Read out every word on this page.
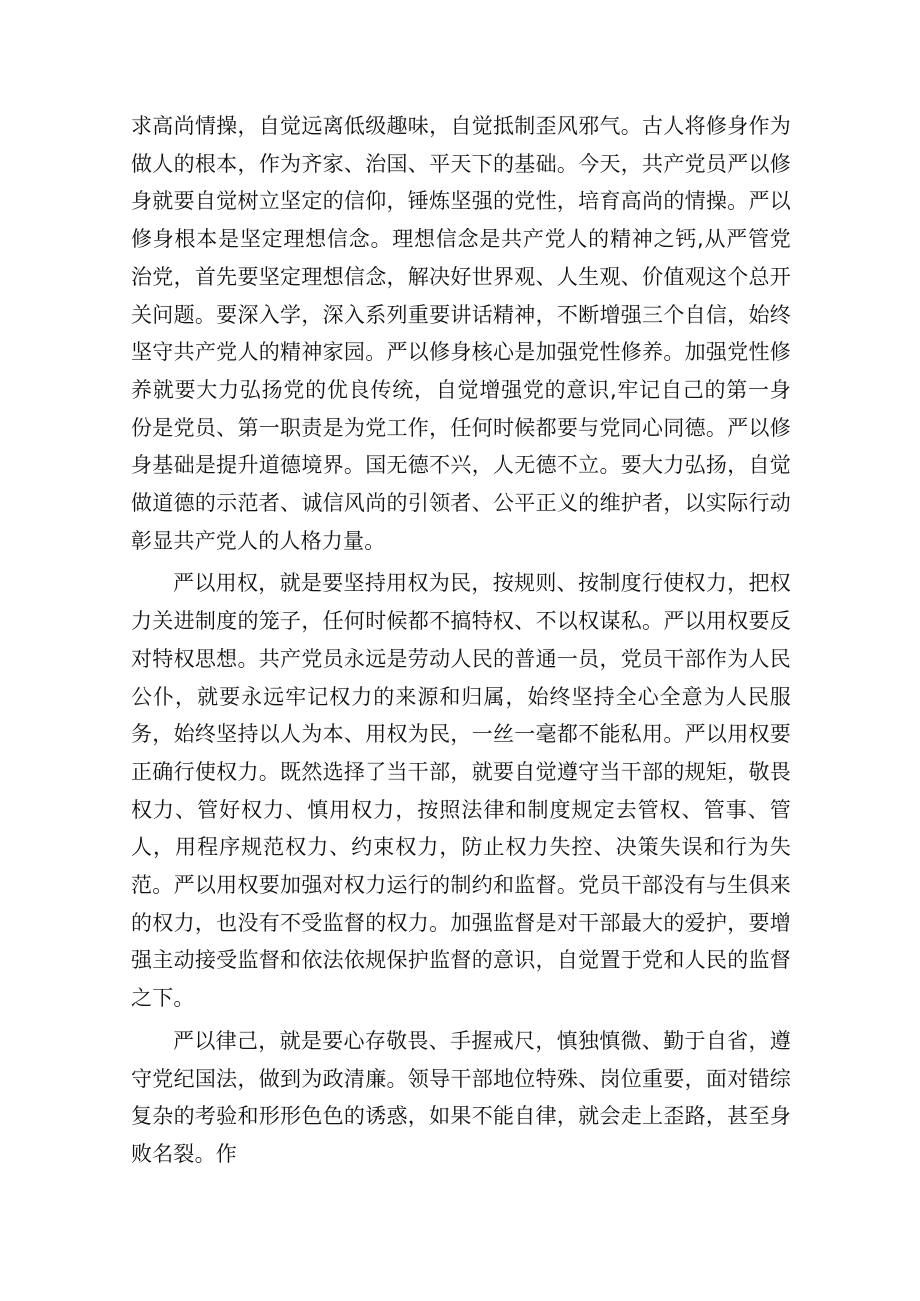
求高尚情操，自觉远离低级趣味，自觉抵制歪风邪气。古人将修身作为做人的根本，作为齐家、治国、平天下的基础。今天，共产党员严以修身就要自觉树立坚定的信仰，锤炼坚强的党性，培育高尚的情操。严以修身根本是坚定理想信念。理想信念是共产党人的精神之钙,从严管党治党，首先要坚定理想信念，解决好世界观、人生观、价值观这个总开关问题。要深入学，深入系列重要讲话精神，不断增强三个自信，始终坚守共产党人的精神家园。严以修身核心是加强党性修养。加强党性修养就要大力弘扬党的优良传统，自觉增强党的意识,牢记自己的第一身份是党员、第一职责是为党工作，任何时候都要与党同心同德。严以修身基础是提升道德境界。国无德不兴，人无德不立。要大力弘扬，自觉做道德的示范者、诚信风尚的引领者、公平正义的维护者，以实际行动彰显共产党人的人格力量。

严以用权，就是要坚持用权为民，按规则、按制度行使权力，把权力关进制度的笼子，任何时候都不搞特权、不以权谋私。严以用权要反对特权思想。共产党员永远是劳动人民的普通一员，党员干部作为人民公仆，就要永远牢记权力的来源和归属，始终坚持全心全意为人民服务，始终坚持以人为本、用权为民，一丝一毫都不能私用。严以用权要正确行使权力。既然选择了当干部，就要自觉遵守当干部的规矩，敬畏权力、管好权力、慎用权力，按照法律和制度规定去管权、管事、管人，用程序规范权力、约束权力，防止权力失控、决策失误和行为失范。严以用权要加强对权力运行的制约和监督。党员干部没有与生俱来的权力，也没有不受监督的权力。加强监督是对干部最大的爱护，要增强主动接受监督和依法依规保护监督的意识，自觉置于党和人民的监督之下。

严以律己，就是要心存敬畏、手握戒尺，慎独慎微、勤于自省，遵守党纪国法，做到为政清廉。领导干部地位特殊、岗位重要，面对错综复杂的考验和形形色色的诱惑，如果不能自律，就会走上歪路，甚至身败名裂。作
